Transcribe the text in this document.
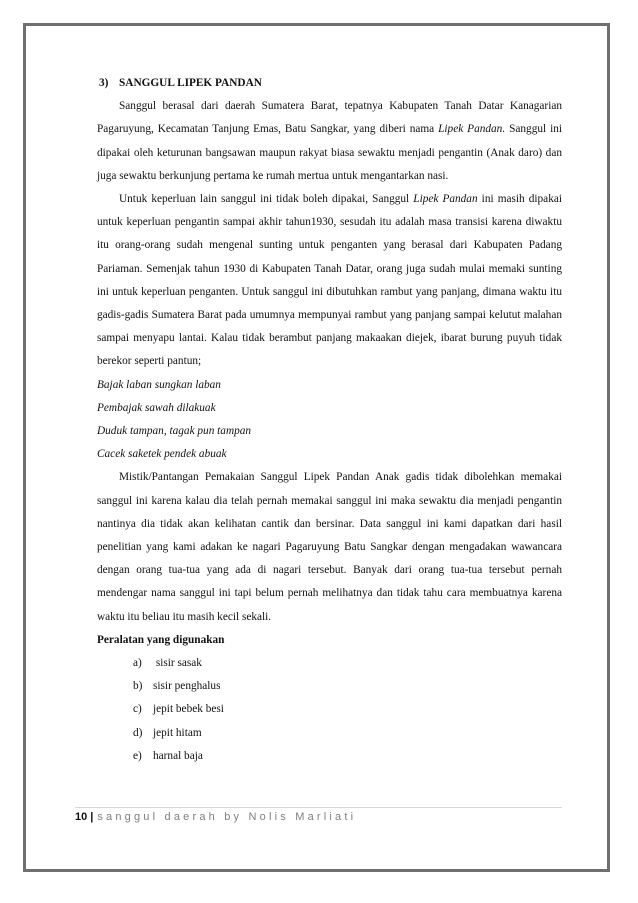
3) SANGGUL LIPEK PANDAN

Sanggul berasal dari daerah Sumatera Barat, tepatnya Kabupaten Tanah Datar Kanagarian Pagaruyung, Kecamatan Tanjung Emas, Batu Sangkar, yang diberi nama Lipek Pandan. Sanggul ini dipakai oleh keturunan bangsawan maupun rakyat biasa sewaktu menjadi pengantin (Anak daro) dan juga sewaktu berkunjung pertama ke rumah mertua untuk mengantarkan nasi.

Untuk keperluan lain sanggul ini tidak boleh dipakai, Sanggul Lipek Pandan ini masih dipakai untuk keperluan pengantin sampai akhir tahun1930, sesudah itu adalah masa transisi karena diwaktu itu orang-orang sudah mengenal sunting untuk penganten yang berasal dari Kabupaten Padang Pariaman. Semenjak tahun 1930 di Kabupaten Tanah Datar, orang juga sudah mulai memaki sunting ini untuk keperluan penganten. Untuk sanggul ini dibutuhkan rambut yang panjang, dimana waktu itu gadis-gadis Sumatera Barat pada umumnya mempunyai rambut yang panjang sampai kelutut malahan sampai menyapu lantai. Kalau tidak berambut panjang makaakan diejek, ibarat burung puyuh tidak berekor seperti pantun;

Bajak laban sungkan laban

Pembajak sawah dilakuak

Duduk tampan, tagak pun tampan

Cacek saketek pendek abuak

Mistik/Pantangan Pemakaian Sanggul Lipek Pandan Anak gadis tidak dibolehkan memakai sanggul ini karena kalau dia telah pernah memakai sanggul ini maka sewaktu dia menjadi pengantin nantinya dia tidak akan kelihatan cantik dan bersinar. Data sanggul ini kami dapatkan dari hasil penelitian yang kami adakan ke nagari Pagaruyung Batu Sangkar dengan mengadakan wawancara dengan orang tua-tua yang ada di nagari tersebut. Banyak dari orang tua-tua tersebut pernah mendengar nama sanggul ini tapi belum pernah melihatnya dan tidak tahu cara membuatnya karena waktu itu beliau itu masih kecil sekali.

Peralatan yang digunakan

a) sisir sasak
b) sisir penghalus
c) jepit bebek besi
d) jepit hitam
e) harnal baja
10 | sanggul daerah by Nolis Marliati
